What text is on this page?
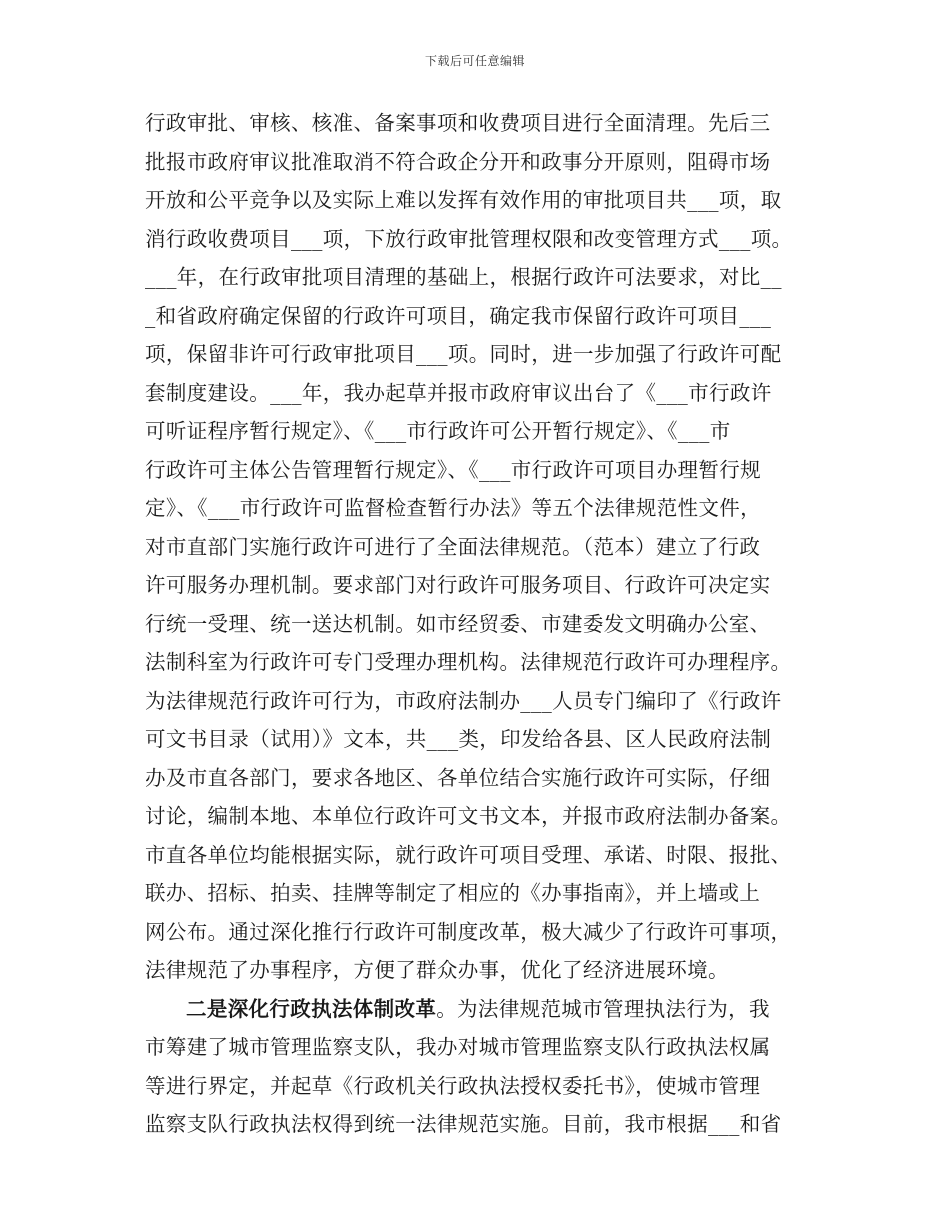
下载后可任意编辑
行政审批、审核、核准、备案事项和收费项目进行全面清理。先后三
批报市政府审议批准取消不符合政企分开和政事分开原则，阻碍市场
开放和公平竞争以及实际上难以发挥有效作用的审批项目共___项，取
消行政收费项目___项，下放行政审批管理权限和改变管理方式___项。
___年，在行政审批项目清理的基础上，根据行政许可法要求，对比__
_和省政府确定保留的行政许可项目，确定我市保留行政许可项目___
项，保留非许可行政审批项目___项。同时，进一步加强了行政许可配
套制度建设。___年，我办起草并报市政府审议出台了《___市行政许
可听证程序暂行规定》、《___市行政许可公开暂行规定》、《___市
行政许可主体公告管理暂行规定》、《___市行政许可项目办理暂行规
定》、《___市行政许可监督检查暂行办法》等五个法律规范性文件，
对市直部门实施行政许可进行了全面法律规范。（范本）建立了行政
许可服务办理机制。要求部门对行政许可服务项目、行政许可决定实
行统一受理、统一送达机制。如市经贸委、市建委发文明确办公室、
法制科室为行政许可专门受理办理机构。法律规范行政许可办理程序。
为法律规范行政许可行为，市政府法制办___人员专门编印了《行政许
可文书目录（试用）》文本，共___类，印发给各县、区人民政府法制
办及市直各部门，要求各地区、各单位结合实施行政许可实际，仔细
讨论，编制本地、本单位行政许可文书文本，并报市政府法制办备案。
市直各单位均能根据实际，就行政许可项目受理、承诺、时限、报批、
联办、招标、拍卖、挂牌等制定了相应的《办事指南》，并上墙或上
网公布。通过深化推行行政许可制度改革，极大减少了行政许可事项，
法律规范了办事程序，方便了群众办事，优化了经济进展环境。
二是深化行政执法体制改革。为法律规范城市管理执法行为，我
市筹建了城市管理监察支队，我办对城市管理监察支队行政执法权属
等进行界定，并起草《行政机关行政执法授权委托书》，使城市管理
监察支队行政执法权得到统一法律规范实施。目前，我市根据___和省
